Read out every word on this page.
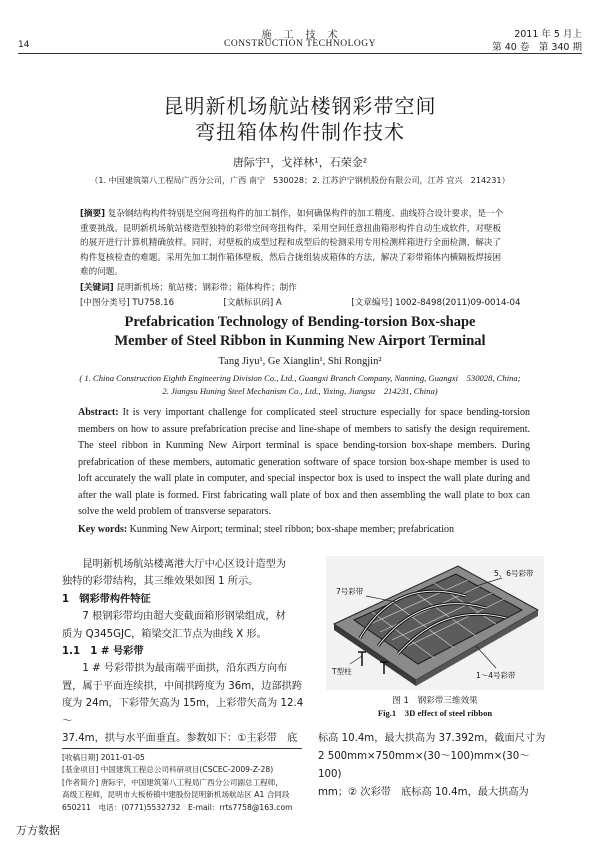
14
施　工　技　术
CONSTRUCTION TECHNOLOGY
2011 年 5 月上
第 40 卷　第 340 期
昆明新机场航站楼钢彩带空间
弯扭箱体构件制作技术
唐际宇¹，戈祥林¹，石荣金²
（1. 中国建筑第八工程局广西分公司，广西 南宁　530028；2. 江苏沪宁钢机股份有限公司，江苏 宜兴　214231）
[摘要] 复杂钢结构构件特别是空间弯扭构件的加工制作，如何确保构件的加工精度、曲线符合设计要求，是一个
重要挑战。昆明新机场航站楼造型独特的彩带空间弯扭构件，采用空间任意扭曲箱形构件自动生成软件，对壁板
的展开进行计算机精确放样。同时，对壁板的成型过程和成型后的检测采用专用检测样箱进行全面检测，解决了
构件复核检查的难题。采用先加工制作箱体壁板，然后合拢组装成箱体的方法，解决了彩带箱体内横隔板焊接困
难的问题。
[关键词] 昆明新机场；航站楼；钢彩带；箱体构件；制作
[中图分类号] TU758.16	[文献标识码] A	[文章编号] 1002-8498(2011)09-0014-04
Prefabrication Technology of Bending-torsion Box-shape
Member of Steel Ribbon in Kunming New Airport Terminal
Tang Jiyu¹, Ge Xianglin¹, Shi Rongjin²
( 1. China Construction Eighth Engineering Division Co., Ltd., Guangxi Branch Company, Nanning, Guangxi　530028, China;
2. Jiangsu Huning Steel Mechanism Co., Ltd., Yixing, Jiangsu　214231, China)
Abstract: It is very important challenge for complicated steel structure especially for space bending-torsion members on how to assure prefabrication precise and line-shape of members to satisfy the design requirement. The steel ribbon in Kunming New Airport terminal is space bending-torsion box-shape members. During prefabrication of these members, automatic generation software of space torsion box-shape member is used to loft accurately the wall plate in computer, and special inspector box is used to inspect the wall plate during and after the wall plate is formed. First fabricating wall plate of box and then assembling the wall plate to box can solve the weld problem of transverse separators.
Key words: Kunming New Airport; terminal; steel ribbon; box-shape member; prefabrication
　　昆明新机场航站楼离港大厅中心区设计造型为
独特的彩带结构，其三维效果如图 1 所示。
1　钢彩带构件特征
　　7 根钢彩带均由超大变截面箱形钢梁组成，材
质为 Q345GJC，箱梁交汇节点为曲线 X 形。
1.1　1 # 号彩带
　　1 # 号彩带拱为最南端平面拱，沿东西方向布
置，属于平面连续拱，中间拱跨度为 36m，边部拱跨
度为 24m，下彩带矢高为 15m，上彩带矢高为 12.4～
37.4m，拱与水平面垂直。参数如下：①主彩带　底
[收稿日期] 2011-01-05
[基金项目] 中国建筑工程总公司科研项目(CSCEC-2009-Z-28)
[作者简介] 唐际宇，中国建筑第八工程局广西分公司副总工程师，
高级工程师，昆明市大板桥镇中建股份昆明新机场航站区 A1 合同段
650211　电话：(0771)5532732　E-mail：rrts7758@163.com
5、6号彩带
7号彩带
T型柱	1～4号彩带
图 1　钢彩带三维效果
Fig.1　3D effect of steel ribbon
标高 10.4m，最大拱高为 37.392m，截面尺寸为
2 500mm×750mm×(30～100)mm×(30～100)
mm；② 次彩带　底标高 10.4m，最大拱高为
万方数据
